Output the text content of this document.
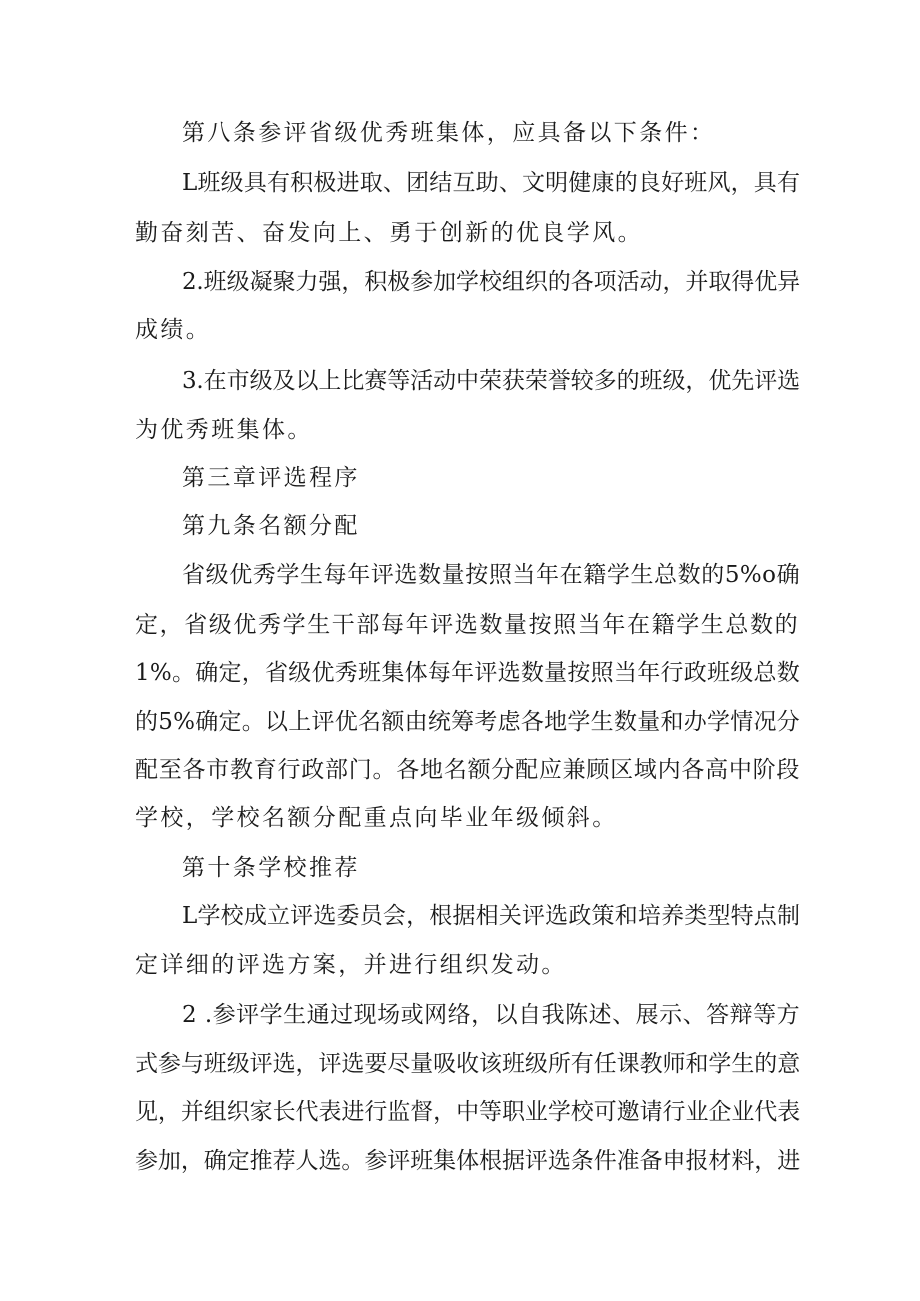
第八条参评省级优秀班集体，应具备以下条件：
L班级具有积极进取、团结互助、文明健康的良好班风，具有
勤奋刻苦、奋发向上、勇于创新的优良学风。
2.班级凝聚力强，积极参加学校组织的各项活动，并取得优异
成绩。
3.在市级及以上比赛等活动中荣获荣誉较多的班级，优先评选
为优秀班集体。
第三章评选程序
第九条名额分配
省级优秀学生每年评选数量按照当年在籍学生总数的5%o确
定，省级优秀学生干部每年评选数量按照当年在籍学生总数的
1%。确定，省级优秀班集体每年评选数量按照当年行政班级总数
的5%确定。以上评优名额由统筹考虑各地学生数量和办学情况分
配至各市教育行政部门。各地名额分配应兼顾区域内各高中阶段
学校，学校名额分配重点向毕业年级倾斜。
第十条学校推荐
L学校成立评选委员会，根据相关评选政策和培养类型特点制
定详细的评选方案，并进行组织发动。
2 .参评学生通过现场或网络，以自我陈述、展示、答辩等方
式参与班级评选，评选要尽量吸收该班级所有任课教师和学生的意
见，并组织家长代表进行监督，中等职业学校可邀请行业企业代表
参加，确定推荐人选。参评班集体根据评选条件准备申报材料，进
